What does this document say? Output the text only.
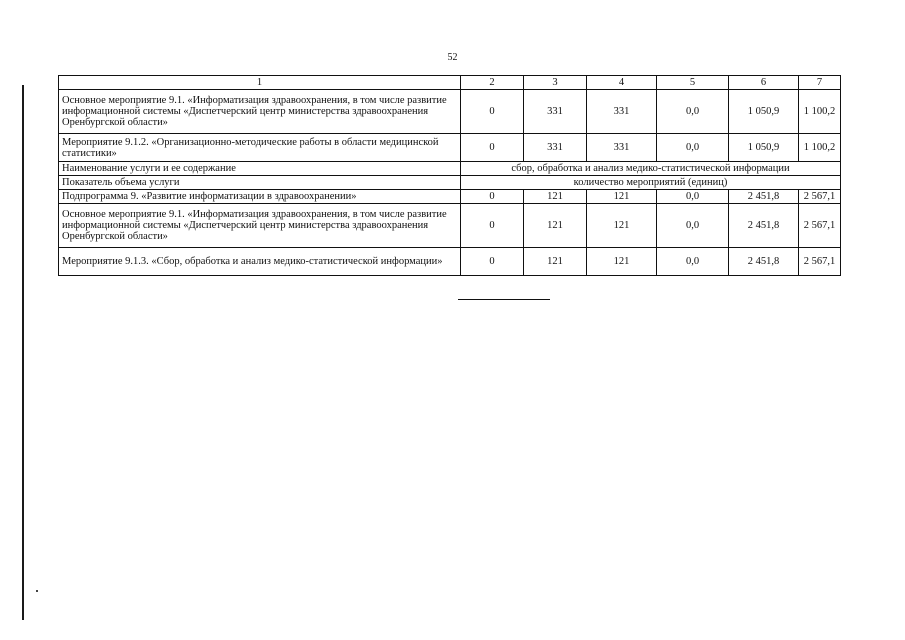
52
1	2	3	4	5	6	7
Основное мероприятие 9.1. «Информатизация здравоохранения, в том числе развитие информационной системы «Диспетчерский центр министерства здравоохранения Оренбургской области»	0	331	331	0,0	1 050,9	1 100,2
Мероприятие 9.1.2. «Организационно-методические работы в области медицинской статистики»	0	331	331	0,0	1 050,9	1 100,2
Наименование услуги и ее содержание	сбор, обработка и анализ медико-статистической информации					
Показатель объема услуги	количество мероприятий (единиц)					
Подпрограмма 9. «Развитие информатизации в здравоохранении»	0	121	121	0,0	2 451,8	2 567,1
Основное мероприятие 9.1. «Информатизация здравоохранения, в том числе развитие информационной системы «Диспетчерский центр министерства здравоохранения Оренбургской области»	0	121	121	0,0	2 451,8	2 567,1
Мероприятие 9.1.3. «Сбор, обработка и анализ медико-статистической информации»	0	121	121	0,0	2 451,8	2 567,1
